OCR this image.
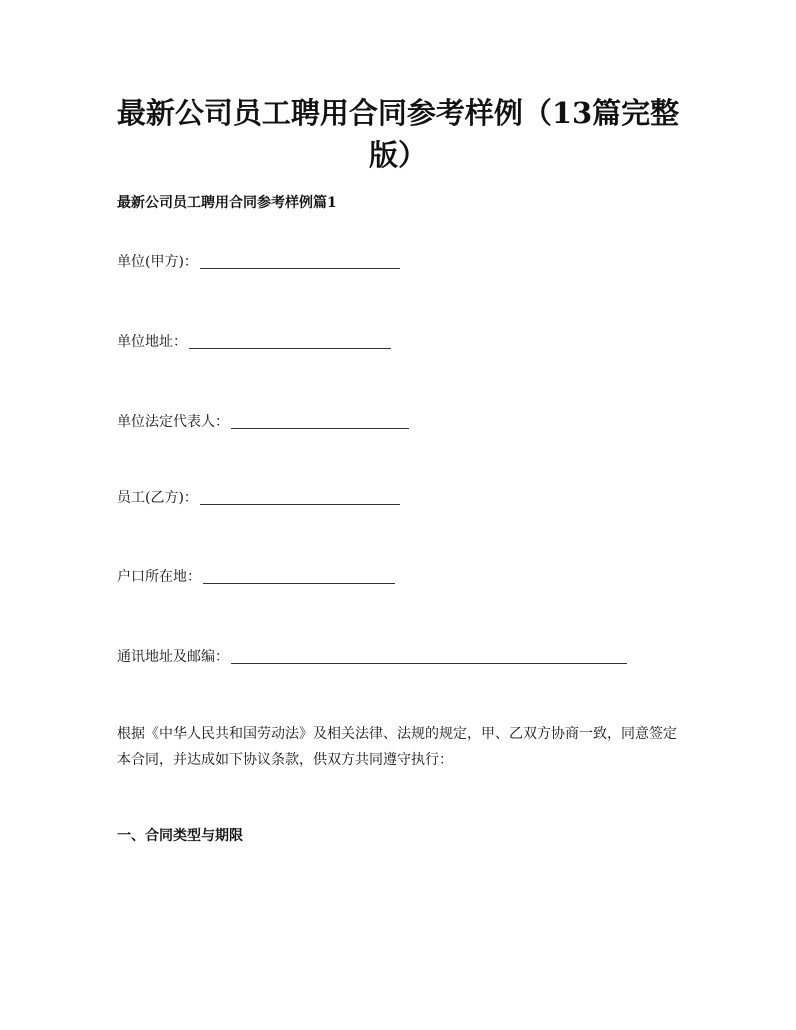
最新公司员工聘用合同参考样例（13篇完整版）
最新公司员工聘用合同参考样例篇1
单位(甲方)：
单位地址：
单位法定代表人：
员工(乙方)：
户口所在地：
通讯地址及邮编：

根据《中华人民共和国劳动法》及相关法律、法规的规定，甲、乙双方协商一致，同意签定本合同，并达成如下协议条款，供双方共同遵守执行：

一、合同类型与期限
